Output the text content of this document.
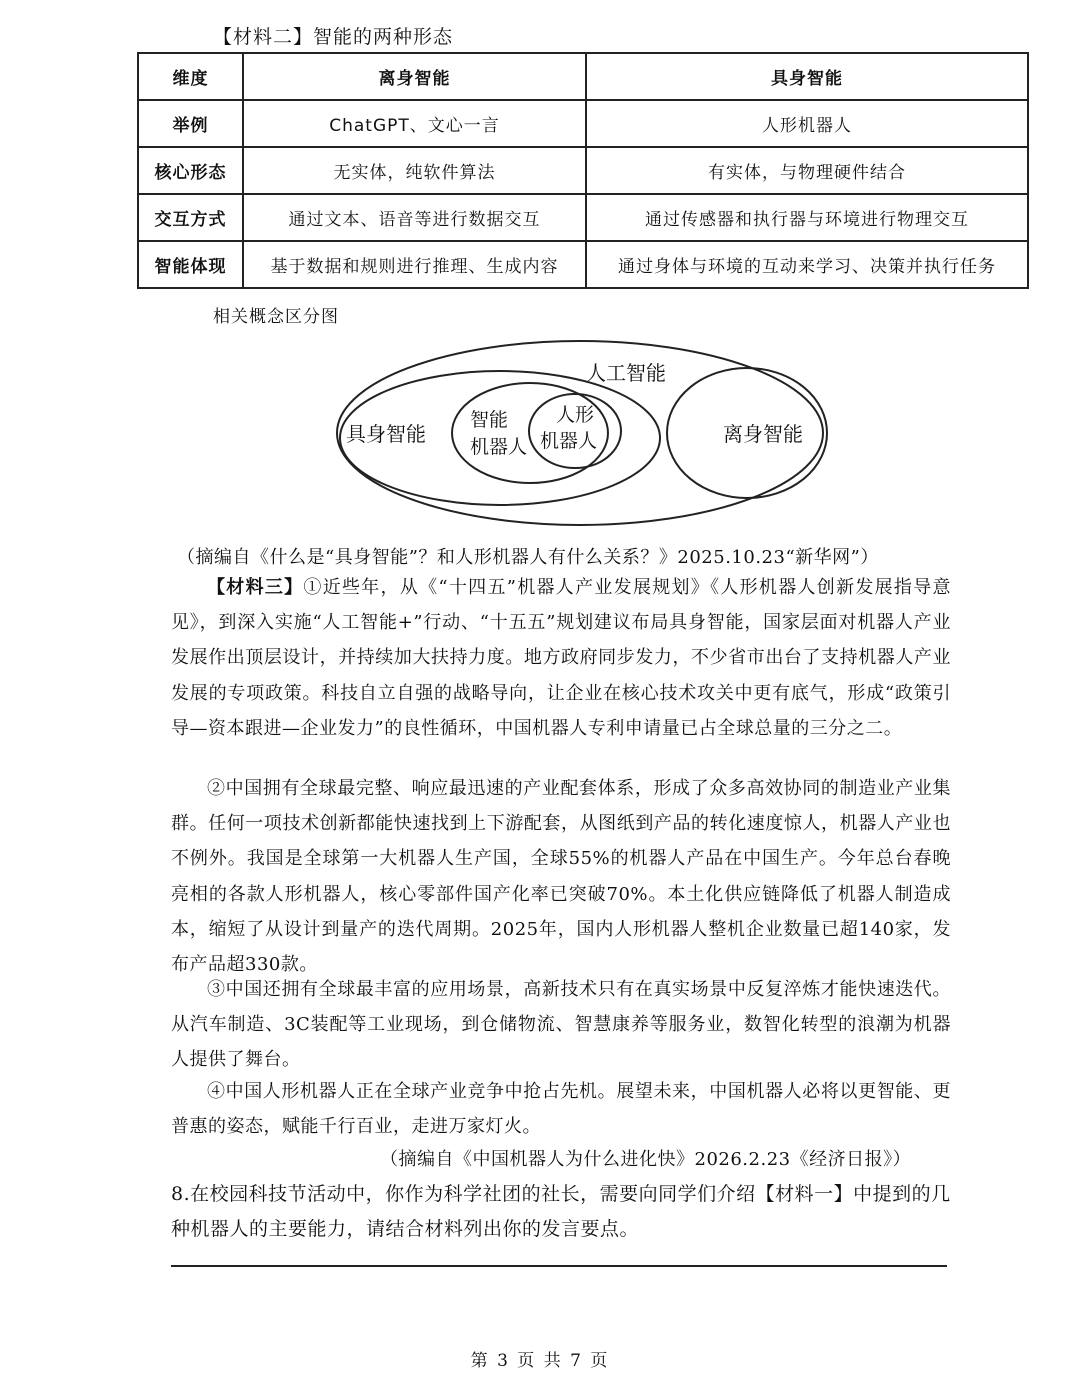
【材料二】智能的两种形态
维度	离身智能	具身智能
举例	ChatGPT、文心一言	人形机器人
核心形态	无实体，纯软件算法	有实体，与物理硬件结合
交互方式	通过文本、语音等进行数据交互	通过传感器和执行器与环境进行物理交互
智能体现	基于数据和规则进行推理、生成内容	通过身体与环境的互动来学习、决策并执行任务
相关概念区分图
人工智能
具身智能
智能
机器人
人形
机器人	离身智能
（摘编自《什么是“具身智能”？和人形机器人有什么关系？》2025.10.23“新华网”）
【材料三】①近些年，从《“十四五”机器人产业发展规划》《人形机器人创新发展指导意见》，到深入实施“人工智能+”行动、“十五五”规划建议布局具身智能，国家层面对机器人产业发展作出顶层设计，并持续加大扶持力度。地方政府同步发力，不少省市出台了支持机器人产业发展的专项政策。科技自立自强的战略导向，让企业在核心技术攻关中更有底气，形成“政策引导—资本跟进—企业发力”的良性循环，中国机器人专利申请量已占全球总量的三分之二。
②中国拥有全球最完整、响应最迅速的产业配套体系，形成了众多高效协同的制造业产业集群。任何一项技术创新都能快速找到上下游配套，从图纸到产品的转化速度惊人，机器人产业也不例外。我国是全球第一大机器人生产国，全球55%的机器人产品在中国生产。今年总台春晚亮相的各款人形机器人，核心零部件国产化率已突破70%。本土化供应链降低了机器人制造成本，缩短了从设计到量产的迭代周期。2025年，国内人形机器人整机企业数量已超140家，发布产品超330款。
③中国还拥有全球最丰富的应用场景，高新技术只有在真实场景中反复淬炼才能快速迭代。从汽车制造、3C装配等工业现场，到仓储物流、智慧康养等服务业，数智化转型的浪潮为机器人提供了舞台。
④中国人形机器人正在全球产业竞争中抢占先机。展望未来，中国机器人必将以更智能、更普惠的姿态，赋能千行百业，走进万家灯火。
（摘编自《中国机器人为什么进化快》2026.2.23《经济日报》）
8.在校园科技节活动中，你作为科学社团的社长，需要向同学们介绍【材料一】中提到的几种机器人的主要能力，请结合材料列出你的发言要点。
第 3 页 共 7 页
